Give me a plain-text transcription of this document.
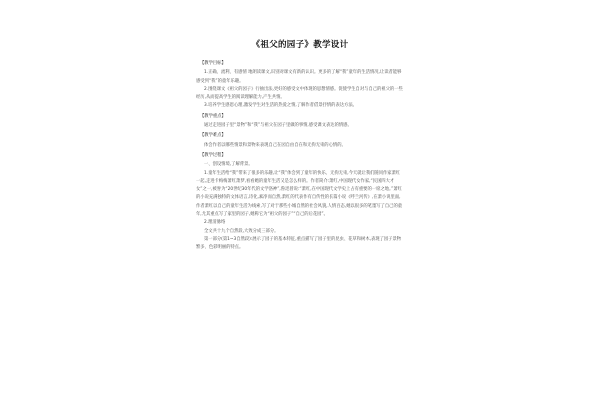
《祖父的园子》教学设计
【教学目标】

1.正确、流利、有感情 地朗读课文,识别对课文有新的认识。更多的了解“我”童年的生活情况,让读者能够感受到“我”的童年乐趣。

2.围绕课文《祖父的园子》行抽出法,更好的感受文中体现的思想情感。促使学生自对与自己的祖父的一些经历,从而提高学生的阅读理解能力,产生共情。

3.培养学生感恩心理,激发学生对生活的热爱之情,了解作者借景抒情的表达方法。

【教学重点】

通过走进园子里“景物”和“我”与祖父在园子里做的事情,感受课文表达的情感。

【教学难点】

体会作者以哪些情景和景物来表现自己在园自由自在和无拘无束的心情的。

【教学过程】

一、创设情境,了解背景。

1.童年生活给“我”带来了很多的乐趣,让“我”体会到了童年的快乐、无拘无束,今天就让我们随同作家萧红一起,走进卡梅梅萧红萧梦,看看她的童年生活又是怎么样的。作者简介:萧红,中国现代女作家,“民国四大才女”之一,被誉为“20世纪30年代的文学洛神”,鲁迅曾说:“萧红,在中国现代文学史上占有重要的一席之地。”萧红的小说充满独特的文体语言,诗化,素净而自然,萧红的代表作有自传性的长篇小说《呼兰河传》,在萧小说里面,作者萧红以自己的童年生活为线索,写了对于那些小城自然的社会风貌,人情百态,她以很多的笔墨写了自己的童年,尤其重点写了家里的园子,她称它为“祖父的园子”“自己的后花园”。

2.理清脉络

全文共十九个自然段,大致分成三部分。

第一部分(第1~3自然段):展示了园子的基本特征,重点描写了园子里的昆虫、花草和树木,表现了园子景物繁多、色彩明丽的特点。
